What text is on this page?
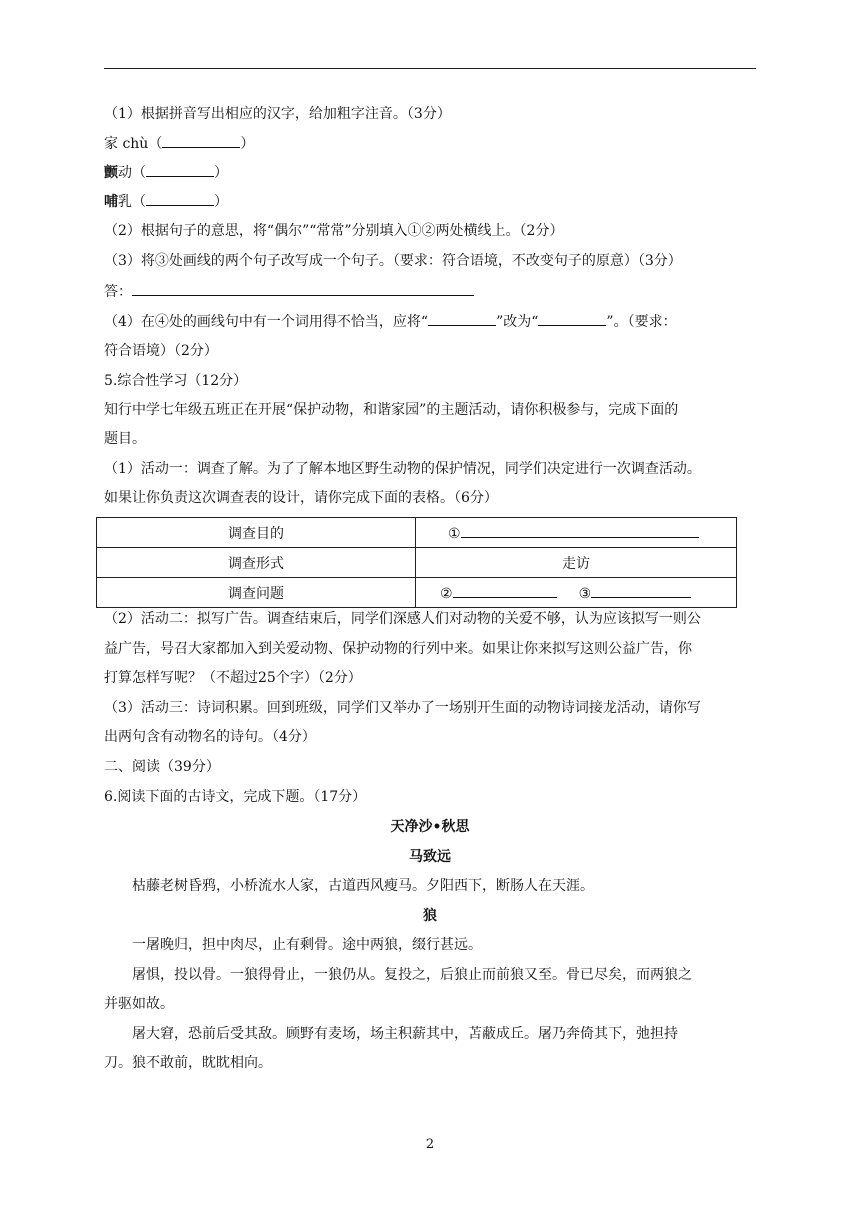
（1）根据拼音写出相应的汉字，给加粗字注音。（3分）
家 chù（	）
颤动（	）
哺乳（	）
（2）根据句子的意思，将“偶尔”“常常”分别填入①②两处横线上。（2分）
（3）将③处画线的两个句子改写成一个句子。（要求：符合语境，不改变句子的原意）（3分）
答：
（4）在④处的画线句中有一个词用得不恰当，应将“	”改为“	”。（要求：
符合语境）（2分）
5.综合性学习（12分）
知行中学七年级五班正在开展“保护动物，和谐家园”的主题活动，请你积极参与，完成下面的
题目。
（1）活动一：调查了解。为了了解本地区野生动物的保护情况，同学们决定进行一次调查活动。
如果让你负责这次调查表的设计，请你完成下面的表格。（6分）
调查目的	①
调查形式	走访
调查问题	② ③
（2）活动二：拟写广告。调查结束后，同学们深感人们对动物的关爱不够，认为应该拟写一则公
益广告，号召大家都加入到关爱动物、保护动物的行列中来。如果让你来拟写这则公益广告，你
打算怎样写呢？（不超过25个字）（2分）
（3）活动三：诗词积累。回到班级，同学们又举办了一场别开生面的动物诗词接龙活动，请你写
出两句含有动物名的诗句。（4分）
二、阅读（39分）
6.阅读下面的古诗文，完成下题。（17分）
天净沙•秋思
马致远
枯藤老树昏鸦，小桥流水人家，古道西风瘦马。夕阳西下，断肠人在天涯。
狼
一屠晚归，担中肉尽，止有剩骨。途中两狼，缀行甚远。
屠惧，投以骨。一狼得骨止，一狼仍从。复投之，后狼止而前狼又至。骨已尽矣，而两狼之
并驱如故。
屠大窘，恐前后受其敌。顾野有麦场，场主积薪其中，苫蔽成丘。屠乃奔倚其下，弛担持
刀。狼不敢前，眈眈相向。
2
